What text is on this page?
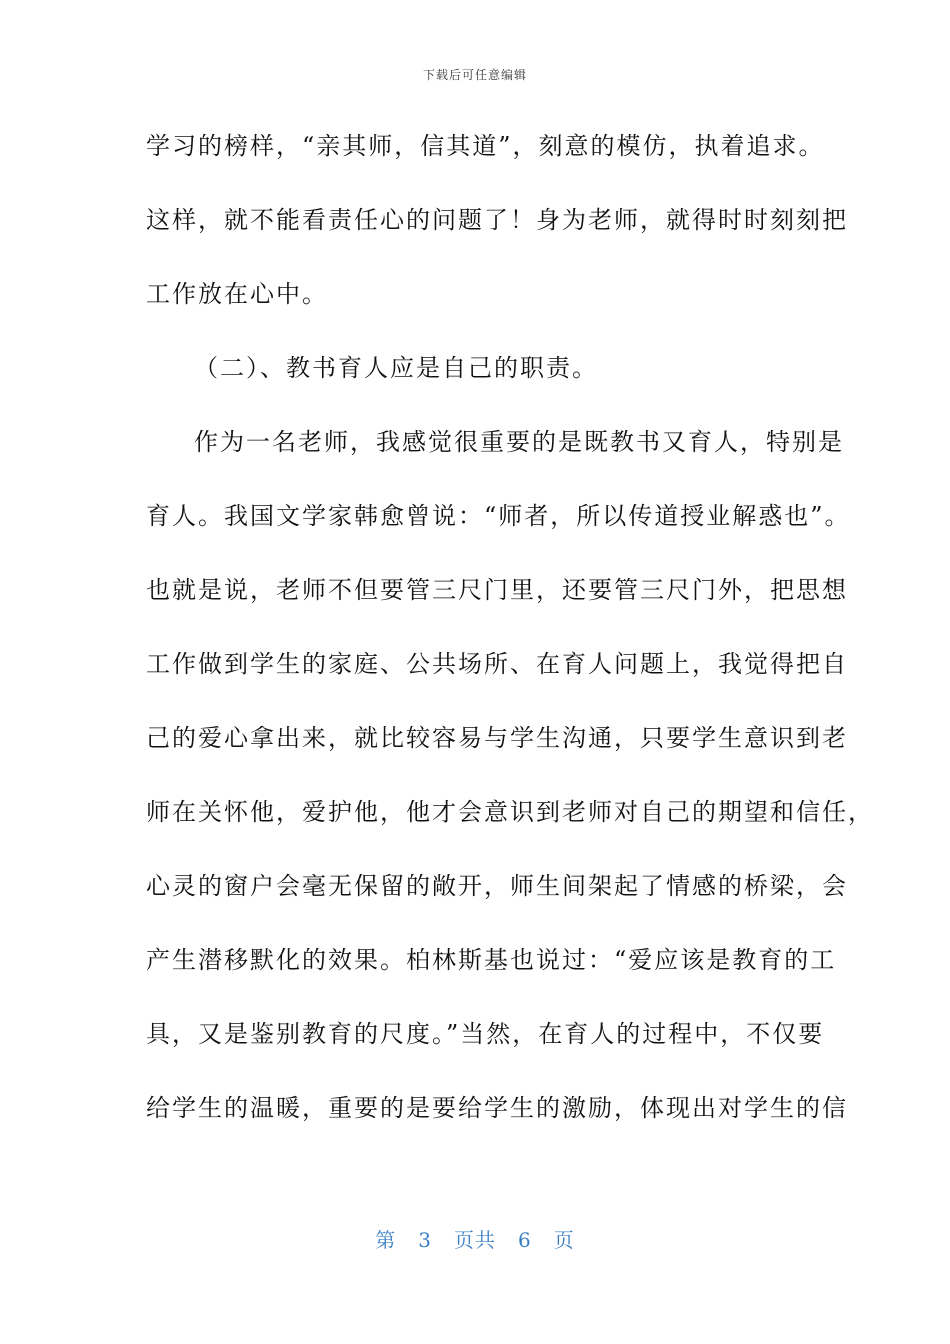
下载后可任意编辑
学习的榜样，“亲其师，信其道”，刻意的模仿，执着追求。
这样，就不能看责任心的问题了！身为老师，就得时时刻刻把
工作放在心中。
（二）、教书育人应是自己的职责。
作为一名老师，我感觉很重要的是既教书又育人，特别是
育人。我国文学家韩愈曾说：“师者，所以传道授业解惑也”。
也就是说，老师不但要管三尺门里，还要管三尺门外，把思想
工作做到学生的家庭、公共场所、在育人问题上，我觉得把自
己的爱心拿出来，就比较容易与学生沟通，只要学生意识到老
师在关怀他，爱护他，他才会意识到老师对自己的期望和信任，
心灵的窗户会毫无保留的敞开，师生间架起了情感的桥梁，会
产生潜移默化的效果。柏林斯基也说过：“爱应该是教育的工
具，又是鉴别教育的尺度。”当然，在育人的过程中，不仅要
给学生的温暖，重要的是要给学生的激励，体现出对学生的信
第 3 页共 6 页
